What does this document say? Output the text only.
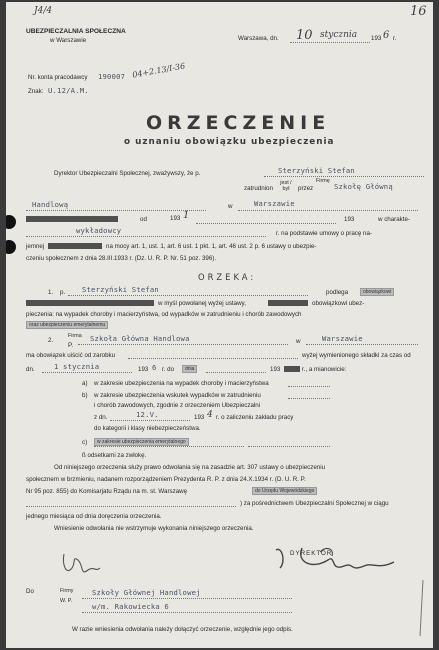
J4/4	16
UBEZPIECZALNIA SPOŁECZNA
w Warszawie	Warszawa, dn. 10 stycznia 193 6 r.
Nr. konta pracodawcy 190007
Znak: U.12/A.M.
04+2.13/I-36
ORZECZENIE
o uznaniu obowiązku ubezpieczenia
Dyrektor Ubezpieczalni Społecznej, zważywszy, że p.	Sterzyński Stefan
zatrudnion
jest / był	przez
Firmę
Szkołę Główną
Handlową	w	Warszawie
od	193 1	193	w charakte-
wykładowcy	r. na podstawie umowy o pracę na-
jemnej	na mocy art. 1, ust. 1, art. 6 ust. 1 pkt. 1, art. 46 ust. 2 p. 6 ustawy o ubezpie-
czeniu społecznem z dnia 28.III.1933 r. (Dz. U. R. P. Nr. 51 poz. 396).
ORZEKA:
1. p. Sterzyński Stefan	podlega	obowiązkowi
w myśl powołanej wyżej ustawy,	obowiązkowi ubez-
pieczenia: na wypadek choroby i macierzyństwa, od wypadków w zatrudnieniu i chorób zawodowych
oraz ubezpieczeniu emerytalnemu
2.
Firma
P.
Szkoła Główna Handlowa	w	Warszawie
ma obowiązek uiścić od zarobku	wyżej wymienionego składki za czas od
dn.	1 stycznia	193 6 r. do	dnia	193	r., a mianowicie:
a) w zakresie ubezpieczenia na wypadek choroby i macierzyństwa
b) w zakresie ubezpieczenia wskutek wypadków w zatrudnieniu
i chorób zawodowych, zgodnie z orzeczeniem Ubezpieczalni
z dn.	12.V.	193 4 r. o zaliczeniu zakładu pracy
do kategorii i klasy niebezpieczeństwa.
c)	w zakresie ubezpieczenia emerytalnego
ß odsetkami za zwłokę.
Od niniejszego orzeczenia służy prawo odwołania się na zasadzie art. 307 ustawy o ubezpieczeniu
społecznem w brzmieniu, nadanem rozporządzeniem Prezydenta R. P. z dnia 24.X.1934 r. (D. U. R. P.
Nr 95 poz. 855) do Komisarjatu Rządu na m. st. Warszawę	do Urzędu Wojewódzkiego
) za pośrednictwem Ubezpieczalni Społecznej w ciągu
jednego miesiąca od dnia doręczenia orzeczenia.
Wniesienie odwołania nie wstrzymuje wykonania niniejszego orzeczenia.
DYREKTOR
Do	Firmy
W. P.
Szkoły Głównej Handlowej
w/m. Rakowiecka 6
W razie wniesienia odwołania należy dołączyć orzeczenie, względnie jego odpis.
